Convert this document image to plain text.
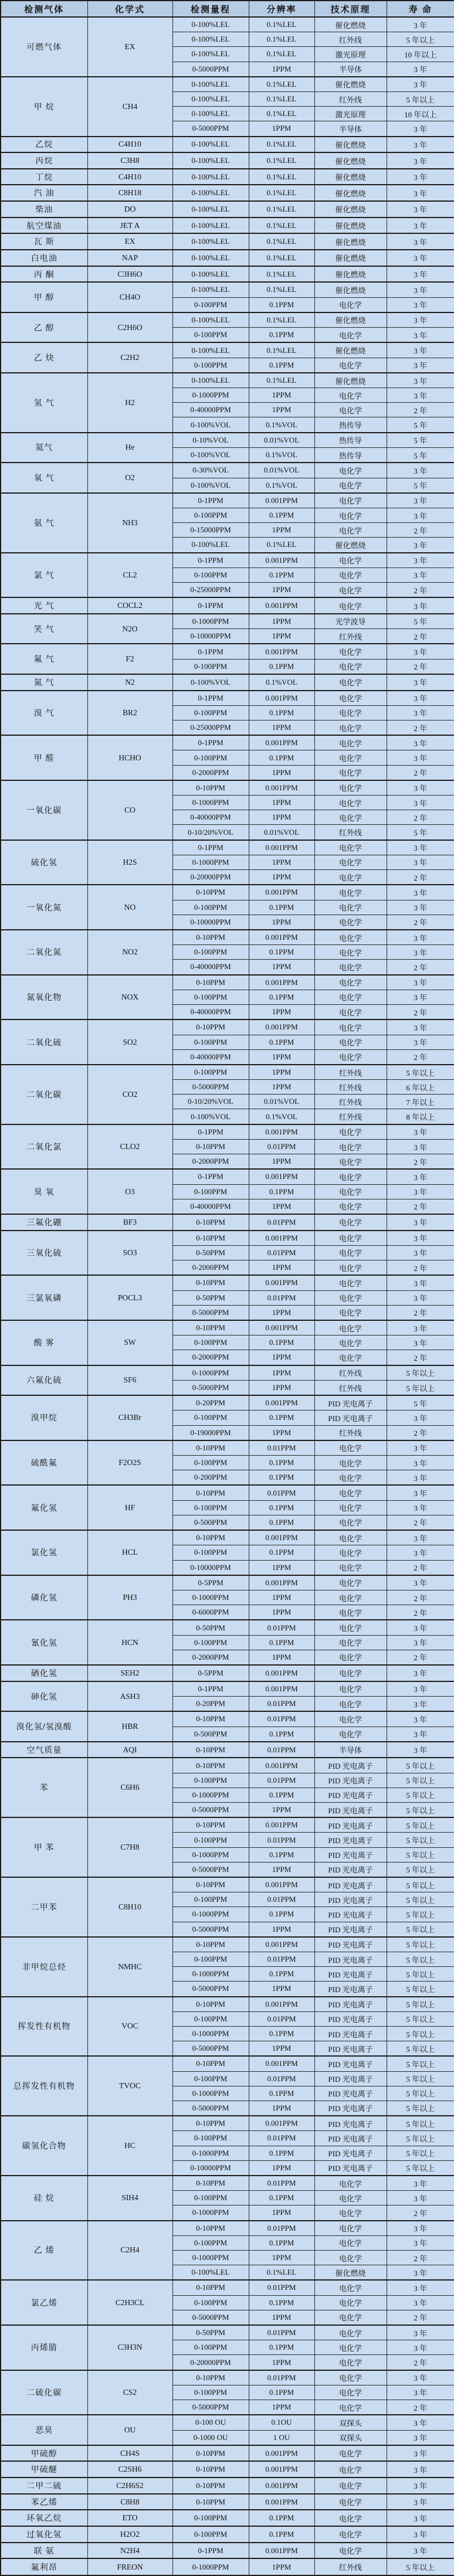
检测气体	化学式	检测量程	分辨率	技术原理	寿 命
可燃气体	EX	0-100%LEL	0.1%LEL	催化燃烧	3 年
		0-100%LEL	0.1%LEL	红外线	5 年以上
		0-100%LEL	0.1%LEL	激光原理	10 年以上
		0-5000PPM	1PPM	半导体	3 年
甲 烷	CH4	0-100%LEL	0.1%LEL	催化燃烧	3 年
		0-100%LEL	0.1%LEL	红外线	5 年以上
		0-100%LEL	0.1%LEL	激光原理	10 年以上
		0-5000PPM	1PPM	半导体	3 年
乙烷	C4H10	0-100%LEL	0.1%LEL	催化燃烧	3 年
丙烷	C3H8	0-100%LEL	0.1%LEL	催化燃烧	3 年
丁烷	C4H10	0-100%LEL	0.1%LEL	催化燃烧	3 年
汽 油	C8H18	0-100%LEL	0.1%LEL	催化燃烧	3 年
柴油	DO	0-100%LEL	0.1%LEL	催化燃烧	3 年
航空煤油	JET A	0-100%LEL	0.1%LEL	催化燃烧	3 年
瓦 斯	EX	0-100%LEL	0.1%LEL	催化燃烧	3 年
白电油	NAP	0-100%LEL	0.1%LEL	催化燃烧	3 年
丙 酮	C3H6O	0-100%LEL	0.1%LEL	催化燃烧	3 年
甲 醇	CH4O	0-100%LEL	0.1%LEL	催化燃烧	3 年
		0-100PPM	0.1PPM	电化学	3 年
乙 醇	C2H6O	0-100%LEL	0.1%LEL	催化燃烧	3 年
		0-100PPM	0.1PPM	电化学	3 年
乙 炔	C2H2	0-100%LEL	0.1%LEL	催化燃烧	3 年
		0-100PPM	0.1PPM	电化学	3 年
氢 气	H2	0-100%LEL	0.1%LEL	催化燃烧	3 年
		0-1000PPM	1PPM	电化学	3 年
		0-40000PPM	1PPM	电化学	2 年
		0-100%VOL	0.1%VOL	热传导	5 年
氦气	He	0-10%VOL	0.01%VOL	热传导	5 年
		0-100%VOL	0.1%VOL	热传导	5 年
氧 气	O2	0-30%VOL	0.01%VOL	电化学	3 年
		0-100%VOL	0.1%VOL	电化学	5 年
氨 气	NH3	0-1PPM	0.001PPM	电化学	3 年
		0-100PPM	0.1PPM	电化学	3 年
		0-15000PPM	1PPM	电化学	2 年
		0-100%LEL	0.1%LEL	催化燃烧	3 年
氯 气	CL2	0-1PPM	0.001PPM	电化学	3 年
		0-100PPM	0.1PPM	电化学	3 年
		0-25000PPM	1PPM	电化学	2 年
光 气	COCL2	0-1PPM	0.001PPM	电化学	3 年
笑 气	N2O	0-1000PPM	1PPM	光学波导	5 年
		0-10000PPM	1PPM	红外线	2 年
氟 气	F2	0-1PPM	0.001PPM	电化学	3 年
		0-100PPM	0.1PPM	电化学	2 年
氮 气	N2	0-100%VOL	0.1%VOL	电化学	3 年
溴 气	BR2	0-1PPM	0.001PPM	电化学	3 年
		0-100PPM	0.1PPM	电化学	3 年
		0-25000PPM	1PPM	电化学	2 年
甲 醛	HCHO	0-1PPM	0.001PPM	电化学	3 年
		0-100PPM	0.1PPM	电化学	3 年
		0-2000PPM	1PPM	电化学	2 年
一氧化碳	CO	0-10PPM	0.001PPM	电化学	3 年
		0-1000PPM	1PPM	电化学	3 年
		0-40000PPM	1PPM	电化学	2 年
		0-10/20%VOL	0.01%VOL	红外线	5 年
硫化氢	H2S	0-1PPM	0.001PPM	电化学	3 年
		0-1000PPM	1PPM	电化学	3 年
		0-20000PPM	1PPM	电化学	2 年
一氧化氮	NO	0-10PPM	0.001PPM	电化学	3 年
		0-100PPM	0.1PPM	电化学	3 年
		0-10000PPM	1PPM	电化学	2 年
二氧化氮	NO2	0-10PPM	0.001PPM	电化学	3 年
		0-100PPM	0.1PPM	电化学	3 年
		0-40000PPM	1PPM	电化学	2 年
氮氧化物	NOX	0-10PPM	0.001PPM	电化学	3 年
		0-100PPM	0.1PPM	电化学	3 年
		0-40000PPM	1PPM	电化学	2 年
二氧化硫	SO2	0-10PPM	0.001PPM	电化学	3 年
		0-100PPM	0.1PPM	电化学	3 年
		0-40000PPM	1PPM	电化学	2 年
二氧化碳	CO2	0-100PPM	1PPM	红外线	5 年以上
		0-5000PPM	1PPM	红外线	6 年以上
		0-10/20%VOL	0.01%VOL	红外线	7 年以上
		0-100%VOL	0.1%VOL	红外线	8 年以上
二氧化氯	CLO2	0-1PPM	0.001PPM	电化学	3 年
		0-10PPM	0.01PPM	电化学	3 年
		0-2000PPM	1PPM	电化学	2 年
臭 氧	O3	0-1PPM	0.001PPM	电化学	3 年
		0-100PPM	0.1PPM	电化学	3 年
		0-40000PPM	1PPM	电化学	2 年
三氟化硼	BF3	0-10PPM	0.01PPM	电化学	3 年
三氧化硫	SO3	0-10PPM	0.001PPM	电化学	3 年
		0-50PPM	0.01PPM	电化学	3 年
		0-2000PPM	1PPM	电化学	2 年
三氯氧磷	POCL3	0-10PPM	0.001PPM	电化学	3 年
		0-50PPM	0.01PPM	电化学	3 年
		0-5000PPM	1PPM	电化学	2 年
酸 雾	SW	0-10PPM	0.001PPM	电化学	3 年
		0-100PPM	0.1PPM	电化学	3 年
		0-2000PPM	1PPM	电化学	2 年
六氟化硫	SF6	0-1000PPM	1PPM	红外线	5 年以上
		0-5000PPM	1PPM	红外线	5 年以上
溴甲烷	CH3Br	0-20PPM	0.001PPM	PID 光电离子	5 年
		0-100PPM	0.1PPM	PID 光电离子	3 年
		0-19000PPM	1PPM	红外线	2 年
硫酰氟	F2O2S	0-10PPM	0.01PPM	电化学	3 年
		0-100PPM	0.1PPM	电化学	3 年
		0-200PPM	0.1PPM	电化学	3 年
氟化氢	HF	0-10PPM	0.01PPM	电化学	3 年
		0-100PPM	0.1PPM	电化学	3 年
		0-500PPM	0.1PPM	电化学	2 年
氯化氢	HCL	0-10PPM	0.001PPM	电化学	3 年
		0-100PPM	0.1PPM	电化学	3 年
		0-10000PPM	1PPM	电化学	2 年
磷化氢	PH3	0-5PPM	0.001PPM	电化学	3 年
		0-1000PPM	1PPM	电化学	2 年
		0-6000PPM	1PPM	电化学	2 年
氰化氢	HCN	0-50PPM	0.01PPM	电化学	3 年
		0-100PPM	0.1PPM	电化学	3 年
		0-2000PPM	1PPM	电化学	2 年
硒化氢	SEH2	0-5PPM	0.001PPM	电化学	3 年
砷化氢	ASH3	0-1PPM	0.001PPM	电化学	3 年
		0-20PPM	0.01PPM	电化学	3 年
溴化氢/氢溴酸	HBR	0-10PPM	0.01PPM	电化学	3 年
		0-500PPM	0.1PPM	电化学	3 年
空气质量	AQI	0-10PPM	0.01PPM	半导体	3 年
苯	C6H6	0-10PPM	0.001PPM	PID 光电离子	5 年以上
		0-100PPM	0.01PPM	PID 光电离子	5 年以上
		0-1000PPM	0.1PPM	PID 光电离子	5 年以上
		0-5000PPM	1PPM	PID 光电离子	5 年以上
甲 苯	C7H8	0-10PPM	0.001PPM	PID 光电离子	5 年以上
		0-100PPM	0.01PPM	PID 光电离子	5 年以上
		0-1000PPM	0.1PPM	PID 光电离子	5 年以上
		0-5000PPM	1PPM	PID 光电离子	5 年以上
二甲苯	C8H10	0-10PPM	0.001PPM	PID 光电离子	5 年以上
		0-100PPM	0.01PPM	PID 光电离子	5 年以上
		0-1000PPM	0.1PPM	PID 光电离子	5 年以上
		0-5000PPM	1PPM	PID 光电离子	5 年以上
非甲烷总烃	NMHC	0-10PPM	0.001PPM	PID 光电离子	5 年以上
		0-100PPM	0.01PPM	PID 光电离子	5 年以上
		0-1000PPM	0.1PPM	PID 光电离子	5 年以上
		0-5000PPM	1PPM	PID 光电离子	5 年以上
挥发性有机物	VOC	0-10PPM	0.001PPM	PID 光电离子	5 年以上
		0-100PPM	0.01PPM	PID 光电离子	5 年以上
		0-1000PPM	0.1PPM	PID 光电离子	5 年以上
		0-5000PPM	1PPM	PID 光电离子	5 年以上
总挥发性有机物	TVOC	0-10PPM	0.001PPM	PID 光电离子	5 年以上
		0-100PPM	0.01PPM	PID 光电离子	5 年以上
		0-1000PPM	0.1PPM	PID 光电离子	5 年以上
		0-5000PPM	1PPM	PID 光电离子	5 年以上
碳氢化合物	HC	0-10PPM	0.001PPM	PID 光电离子	5 年以上
		0-100PPM	0.01PPM	PID 光电离子	5 年以上
		0-1000PPM	0.1PPM	PID 光电离子	5 年以上
		0-10000PPM	1PPM	PID 光电离子	5 年以上
硅 烷	SIH4	0-10PPM	0.01PPM	电化学	3 年
		0-100PPM	0.1PPM	电化学	3 年
		0-1000PPM	1PPM	电化学	2 年
乙 烯	C2H4	0-10PPM	0.01PPM	电化学	3 年
		0-100PPM	0.1PPM	电化学	3 年
		0-1000PPM	1PPM	电化学	2 年
		0-100%LEL	0.1%LEL	催化燃烧	3 年
氯乙烯	C2H3CL	0-10PPM	0.01PPM	电化学	3 年
		0-100PPM	0.1PPM	电化学	3 年
		0-5000PPM	1PPM	电化学	2 年
丙烯腈	C3H3N	0-50PPM	0.01PPM	电化学	3 年
		0-100PPM	0.1PPM	电化学	3 年
		0-20000PPM	1PPM	电化学	2 年
二硫化碳	CS2	0-10PPM	0.01PPM	电化学	3 年
		0-100PPM	0.1PPM	电化学	3 年
		0-5000PPM	1PPM	电化学	2 年
恶臭	OU	0-100 OU	0.1OU	双探头	3 年
		0-1000 OU	1 OU	双探头	3 年
甲硫醇	CH4S	0-10PPM	0.001PPM	电化学	3 年
甲硫醚	C2SH6	0-10PPM	0.001PPM	电化学	3 年
二甲二硫	C2H6S2	0-10PPM	0.001PPM	电化学	3 年
苯乙烯	C8H8	0-10PPM	0.001PPM	电化学	3 年
环氧乙烷	ETO	0-100PPM	0.1PPM	电化学	3 年
过氧化氢	H2O2	0-100PPM	0.1PPM	电化学	3 年
联 氨	N2H4	0-1PPM	0.001PPM	电化学	3 年
氟利昂	FREON	0-1000PPM	1PPM	红外线	5 年以上
